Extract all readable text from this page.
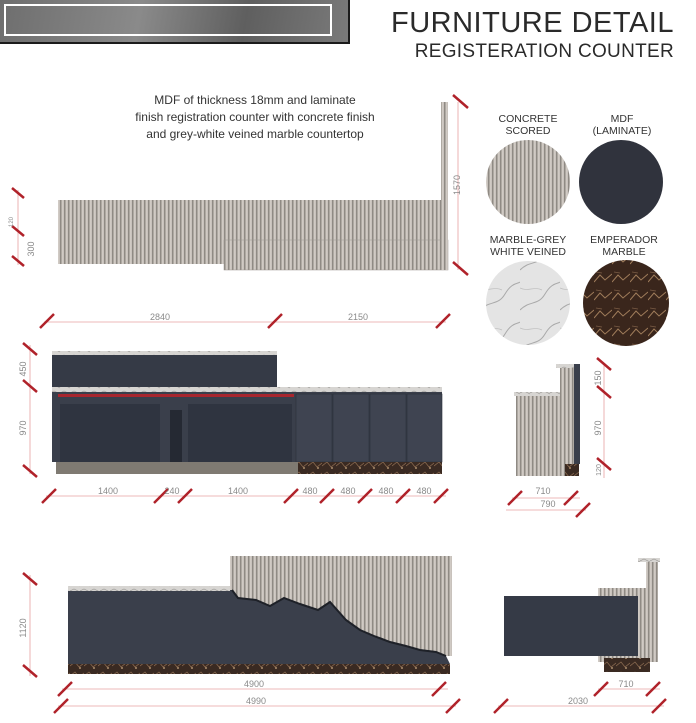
FURNITURE DETAIL
REGISTERATION COUNTER
MDF of thickness 18mm and laminate
finish registration counter with concrete finish
and grey-white veined marble countertop
1570
120
300
2840	2150
450
970
1400	240	1400	480	480	480	480
150
970
120
710
790
1120
4900
4990
710
2030
CONCRETE
SCORED
MDF
(LAMINATE)
MARBLE-GREY
WHITE VEINED
EMPERADOR
MARBLE
